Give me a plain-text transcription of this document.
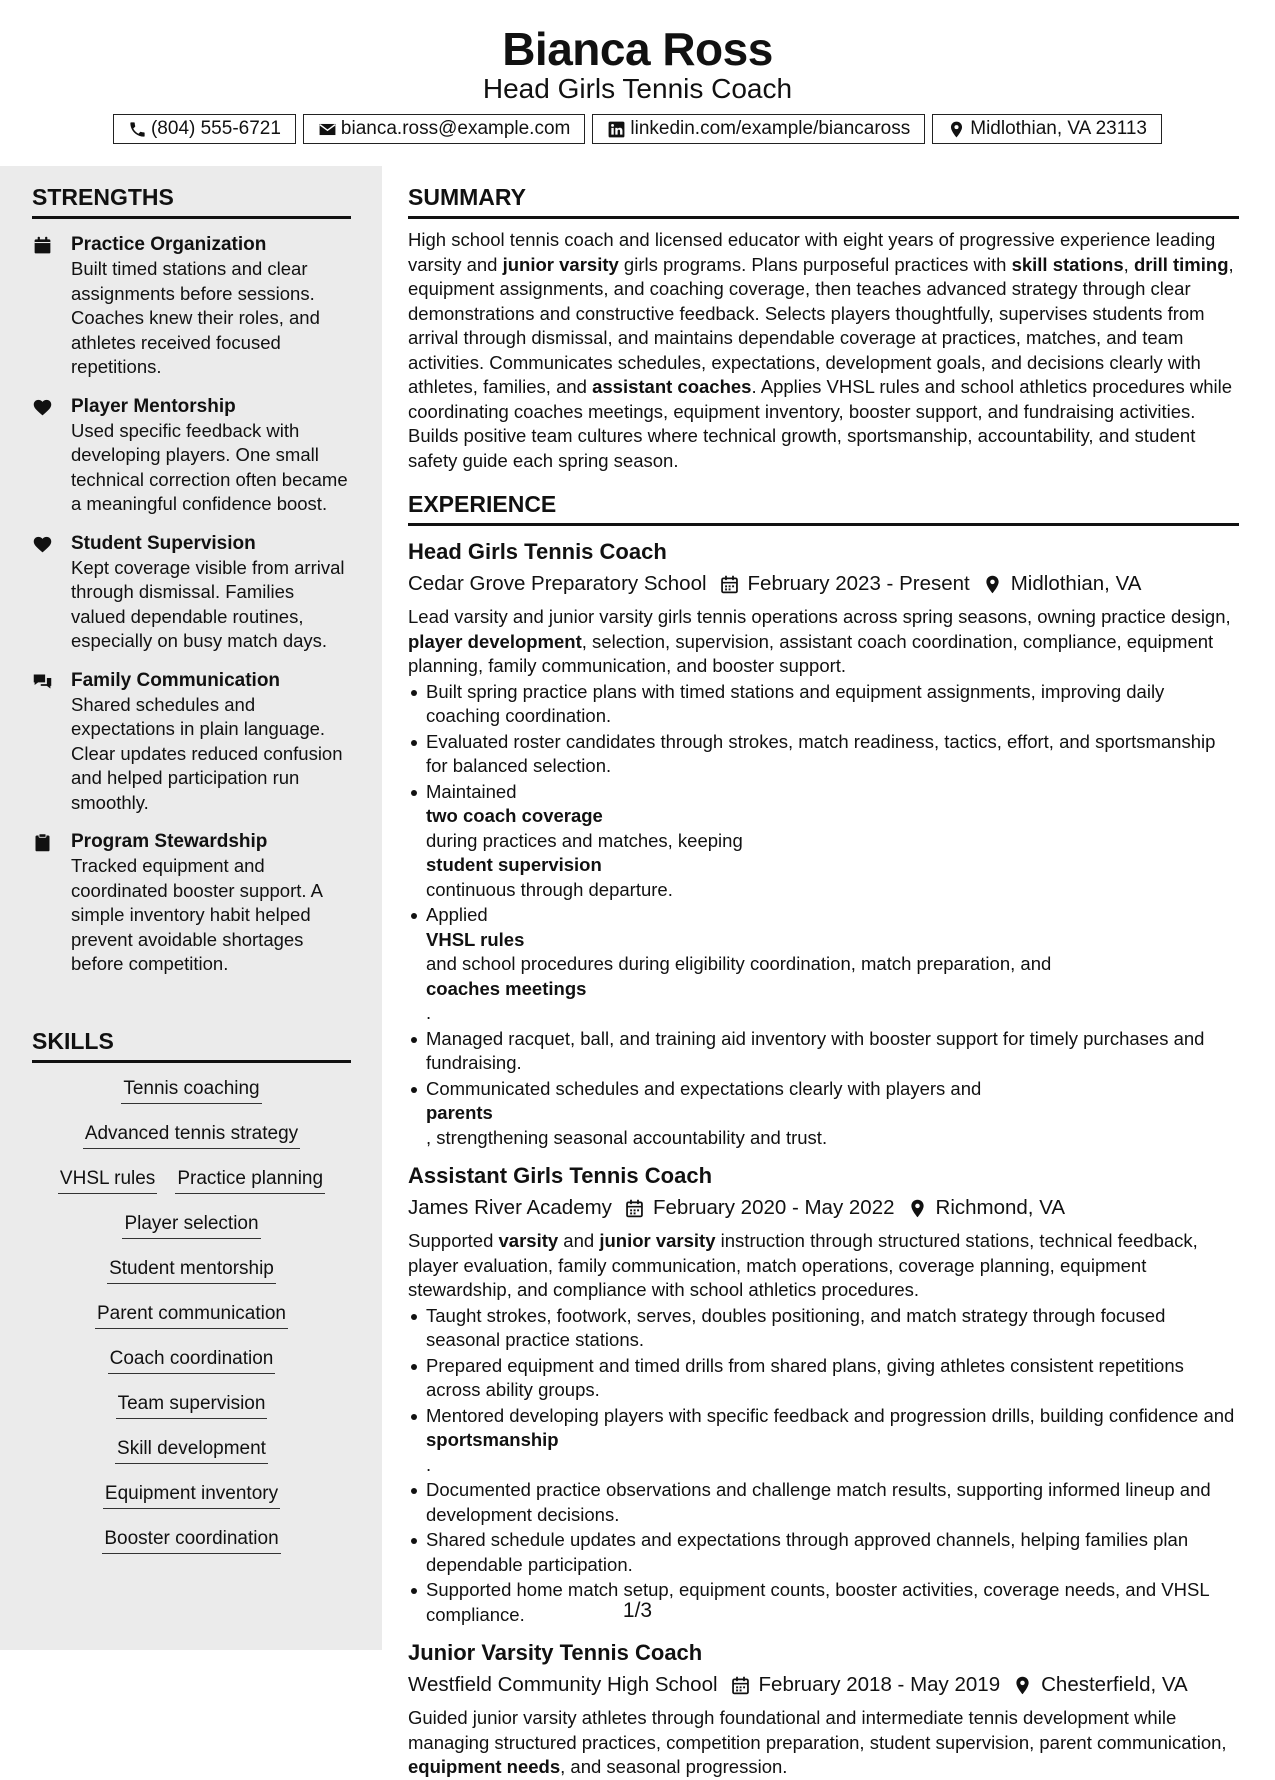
Bianca Ross
Head Girls Tennis Coach
(804) 555-6721	bianca.ross@example.com	linkedin.com/example/biancaross	Midlothian, VA 23113
STRENGTHS
Practice Organization
Built timed stations and clear assignments before sessions. Coaches knew their roles, and athletes received focused repetitions.
Player Mentorship
Used specific feedback with developing players. One small technical correction often became a meaningful confidence boost.
Student Supervision
Kept coverage visible from arrival through dismissal. Families valued dependable routines, especially on busy match days.
Family Communication
Shared schedules and expectations in plain language. Clear updates reduced confusion and helped participation run smoothly.
Program Stewardship
Tracked equipment and coordinated booster support. A simple inventory habit helped prevent avoidable shortages before competition.
SKILLS
Tennis coaching
Advanced tennis strategy
VHSL rules Practice planning
Player selection
Student mentorship
Parent communication
Coach coordination
Team supervision
Skill development
Equipment inventory
Booster coordination
SUMMARY
High school tennis coach and licensed educator with eight years of progressive experience leading varsity and junior varsity girls programs. Plans purposeful practices with skill stations, drill timing, equipment assignments, and coaching coverage, then teaches advanced strategy through clear demonstrations and constructive feedback. Selects players thoughtfully, supervises students from arrival through dismissal, and maintains dependable coverage at practices, matches, and team activities. Communicates schedules, expectations, development goals, and decisions clearly with athletes, families, and assistant coaches. Applies VHSL rules and school athletics procedures while coordinating coaches meetings, equipment inventory, booster support, and fundraising activities. Builds positive team cultures where technical growth, sportsmanship, accountability, and student safety guide each spring season.
EXPERIENCE
Head Girls Tennis Coach
Cedar Grove Preparatory School February 2023 - Present Midlothian, VA
Lead varsity and junior varsity girls tennis operations across spring seasons, owning practice design, player development, selection, supervision, assistant coach coordination, compliance, equipment planning, family communication, and booster support.
Built spring practice plans with timed stations and equipment assignments, improving daily coaching coordination.
Evaluated roster candidates through strokes, match readiness, tactics, effort, and sportsmanship for balanced selection.
Maintained
two coach coverage
during practices and matches, keeping
student supervision
continuous through departure.
Applied
VHSL rules
and school procedures during eligibility coordination, match preparation, and
coaches meetings
.
Managed racquet, ball, and training aid inventory with booster support for timely purchases and fundraising.
Communicated schedules and expectations clearly with players and
parents
, strengthening seasonal accountability and trust.
Assistant Girls Tennis Coach
James River Academy February 2020 - May 2022 Richmond, VA
Supported varsity and junior varsity instruction through structured stations, technical feedback, player evaluation, family communication, match operations, coverage planning, equipment stewardship, and compliance with school athletics procedures.
Taught strokes, footwork, serves, doubles positioning, and match strategy through focused seasonal practice stations.
Prepared equipment and timed drills from shared plans, giving athletes consistent repetitions across ability groups.
Mentored developing players with specific feedback and progression drills, building confidence and
sportsmanship
.
Documented practice observations and challenge match results, supporting informed lineup and development decisions.
Shared schedule updates and expectations through approved channels, helping families plan dependable participation.
Supported home match setup, equipment counts, booster activities, coverage needs, and VHSL compliance.
Junior Varsity Tennis Coach
Westfield Community High School February 2018 - May 2019 Chesterfield, VA
Guided junior varsity athletes through foundational and intermediate tennis development while managing structured practices, competition preparation, student supervision, parent communication, equipment needs, and seasonal progression.
1/3
